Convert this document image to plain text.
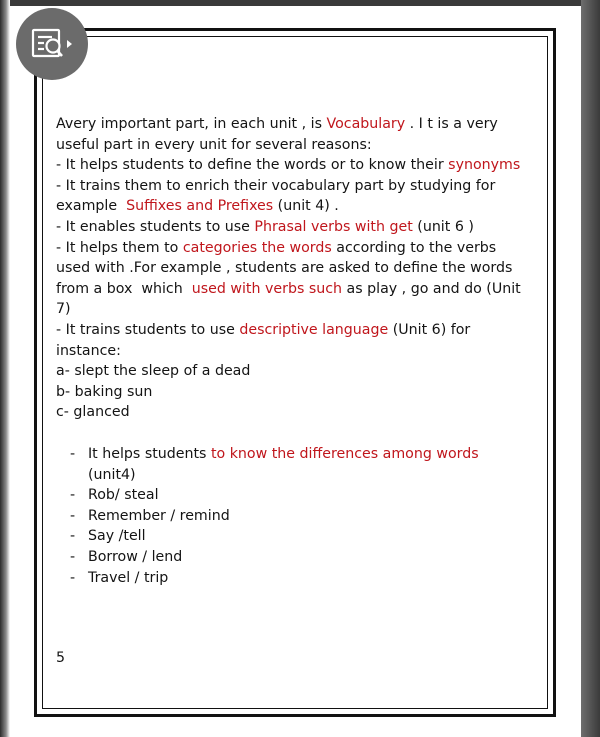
Avery important part, in each unit , is Vocabulary . I t is a very

useful part in every unit for several reasons:

- It helps students to define the words or to know their synonyms

- It trains them to enrich their vocabulary part by studying for

example  Suffixes and Prefixes (unit 4) .

- It enables students to use Phrasal verbs with get (unit 6 )

- It helps them to categories the words according to the verbs

used with .For example , students are asked to define the words

from a box  which  used with verbs such as play , go and do (Unit

7)

- It trains students to use descriptive language (Unit 6) for

instance:

a- slept the sleep of a dead

b- baking sun

c- glanced

- It helps students to know the differences among words
(unit4)
- Rob/ steal
- Remember / remind
- Say /tell
- Borrow / lend
- Travel / trip
5
